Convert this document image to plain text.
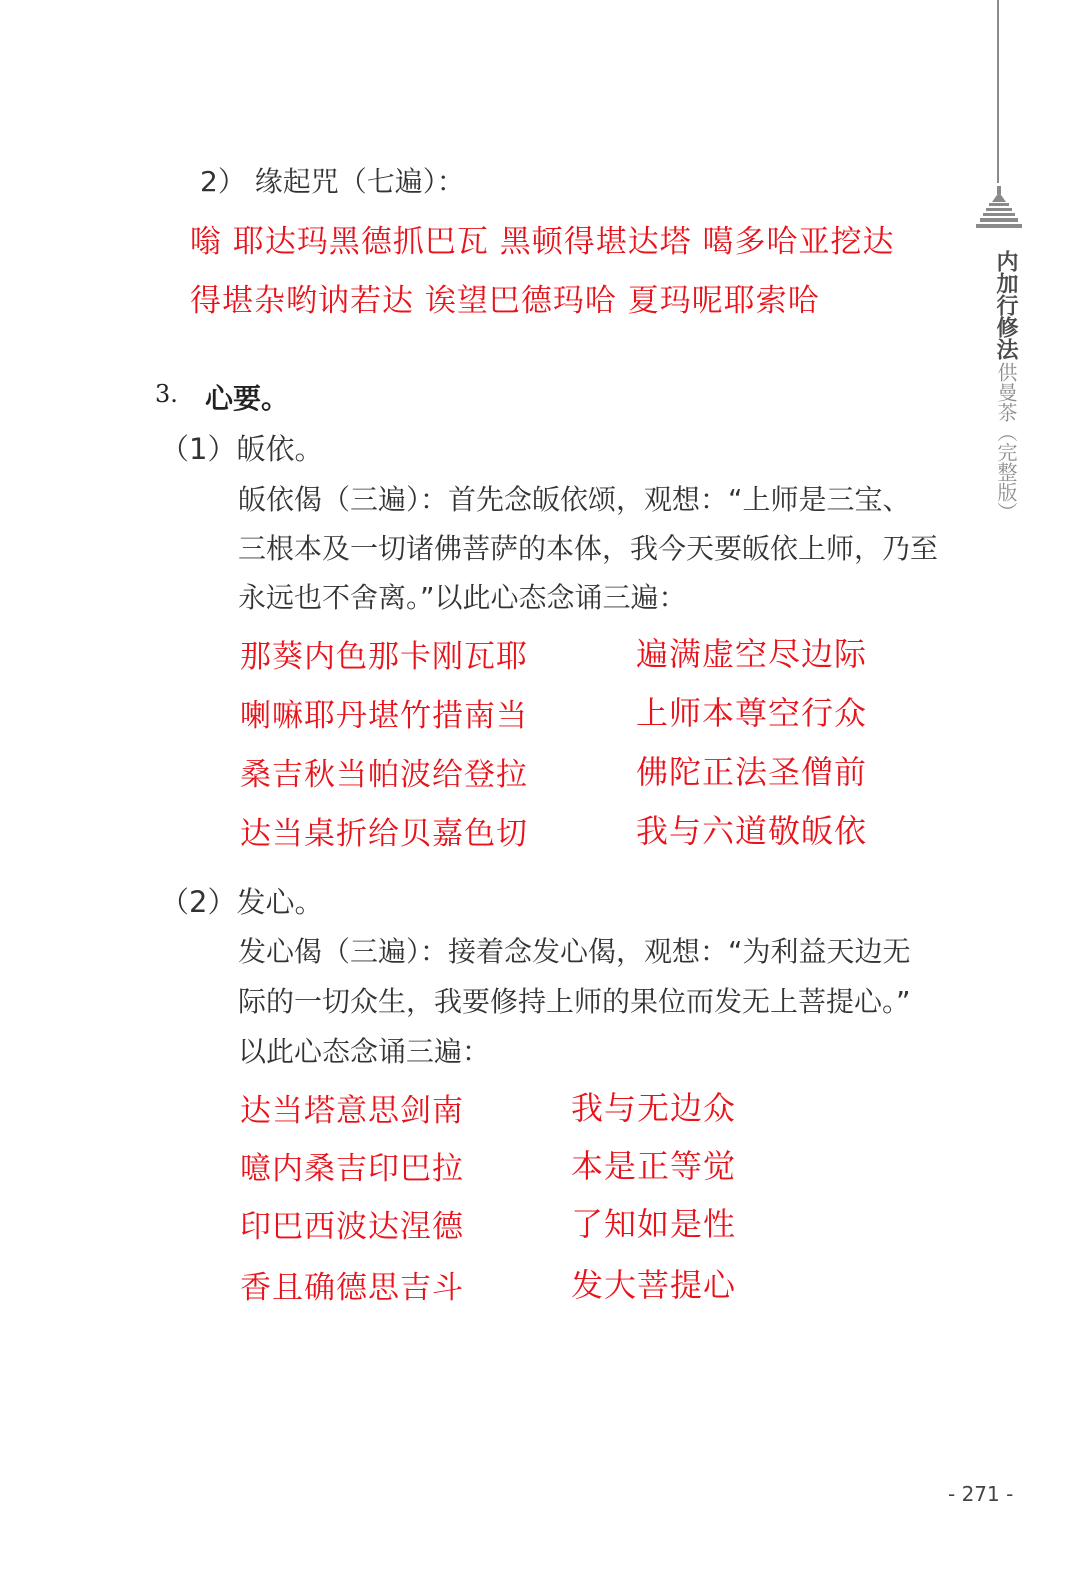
内加行修法
供曼茶（完整版）
2） 缘起咒（七遍）：
嗡 耶达玛黑德抓巴瓦 黑顿得堪达塔 噶多哈亚挖达
得堪杂哟讷若达 诶望巴德玛哈 夏玛呢耶索哈
3. 心要。
（1）皈依。
皈依偈（三遍）：首先念皈依颂，观想：“上师是三宝、
三根本及一切诸佛菩萨的本体，我今天要皈依上师，乃至
永远也不舍离。”以此心态念诵三遍：
那葵内色那卡刚瓦耶	遍满虚空尽边际
喇嘛耶丹堪竹措南当	上师本尊空行众
桑吉秋当帕波给登拉	佛陀正法圣僧前
达当桌折给贝嘉色切	我与六道敬皈依
（2）发心。
发心偈（三遍）：接着念发心偈，观想：“为利益天边无
际的一切众生，我要修持上师的果位而发无上菩提心。”
以此心态念诵三遍：
达当塔意思剑南	我与无边众
噫内桑吉印巴拉	本是正等觉
印巴西波达涅德	了知如是性
香且确德思吉斗	发大菩提心
- 271 -
